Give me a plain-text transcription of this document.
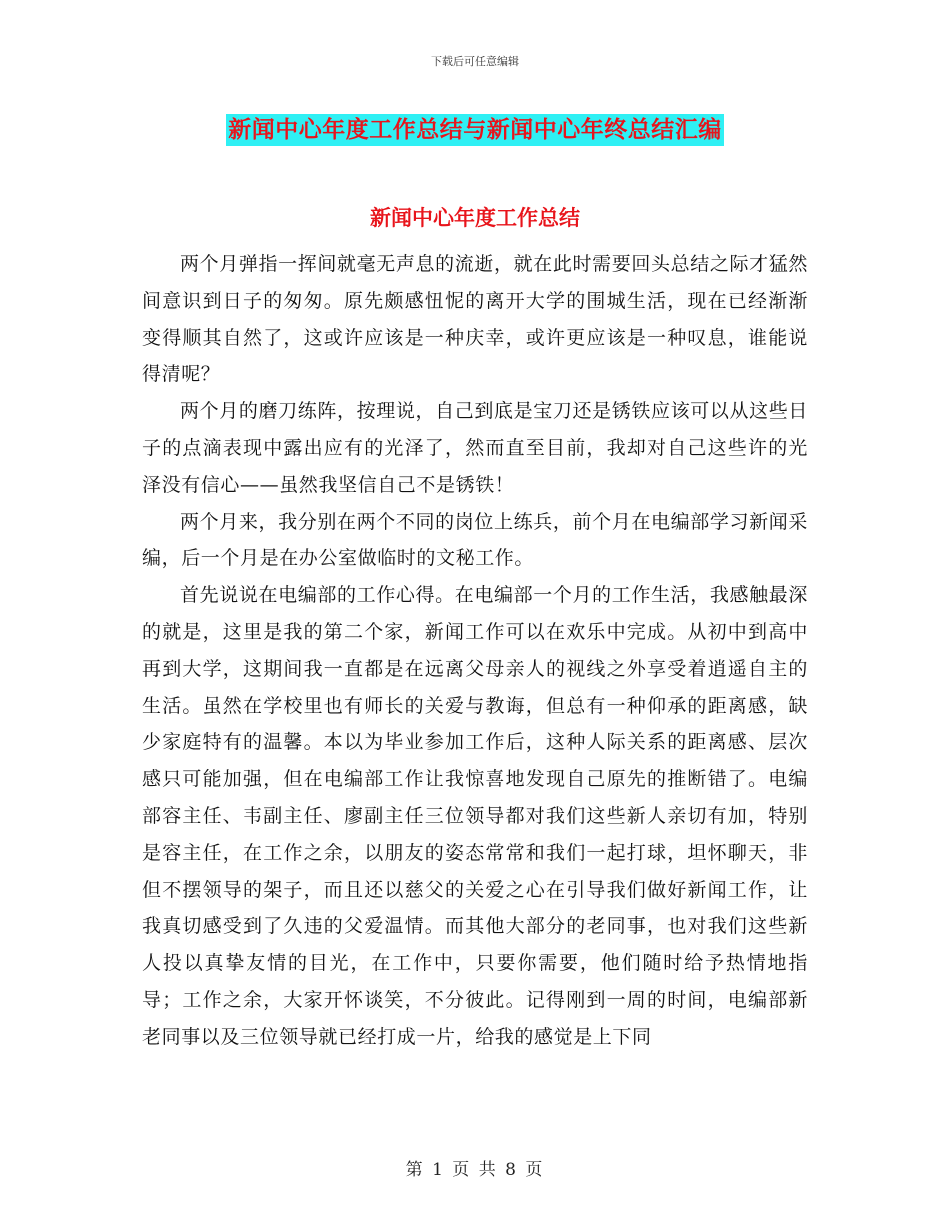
下载后可任意编辑
新闻中心年度工作总结与新闻中心年终总结汇编
新闻中心年度工作总结

两个月弹指一挥间就毫无声息的流逝，就在此时需要回头总结之际才猛然间意识到日子的匆匆。原先颇感忸怩的离开大学的围城生活，现在已经渐渐变得顺其自然了，这或许应该是一种庆幸，或许更应该是一种叹息，谁能说得清呢？

两个月的磨刀练阵，按理说，自己到底是宝刀还是锈铁应该可以从这些日子的点滴表现中露出应有的光泽了，然而直至目前，我却对自己这些许的光泽没有信心——虽然我坚信自己不是锈铁！

两个月来，我分别在两个不同的岗位上练兵，前个月在电编部学习新闻采编，后一个月是在办公室做临时的文秘工作。

首先说说在电编部的工作心得。在电编部一个月的工作生活，我感触最深的就是，这里是我的第二个家，新闻工作可以在欢乐中完成。从初中到高中再到大学，这期间我一直都是在远离父母亲人的视线之外享受着逍遥自主的生活。虽然在学校里也有师长的关爱与教诲，但总有一种仰承的距离感，缺少家庭特有的温馨。本以为毕业参加工作后，这种人际关系的距离感、层次感只可能加强，但在电编部工作让我惊喜地发现自己原先的推断错了。电编部容主任、韦副主任、廖副主任三位领导都对我们这些新人亲切有加，特别是容主任，在工作之余，以朋友的姿态常常和我们一起打球，坦怀聊天，非但不摆领导的架子，而且还以慈父的关爱之心在引导我们做好新闻工作，让我真切感受到了久违的父爱温情。而其他大部分的老同事，也对我们这些新人投以真挚友情的目光，在工作中，只要你需要，他们随时给予热情地指导；工作之余，大家开怀谈笑，不分彼此。记得刚到一周的时间，电编部新老同事以及三位领导就已经打成一片，给我的感觉是上下同

第 1 页 共 8 页
